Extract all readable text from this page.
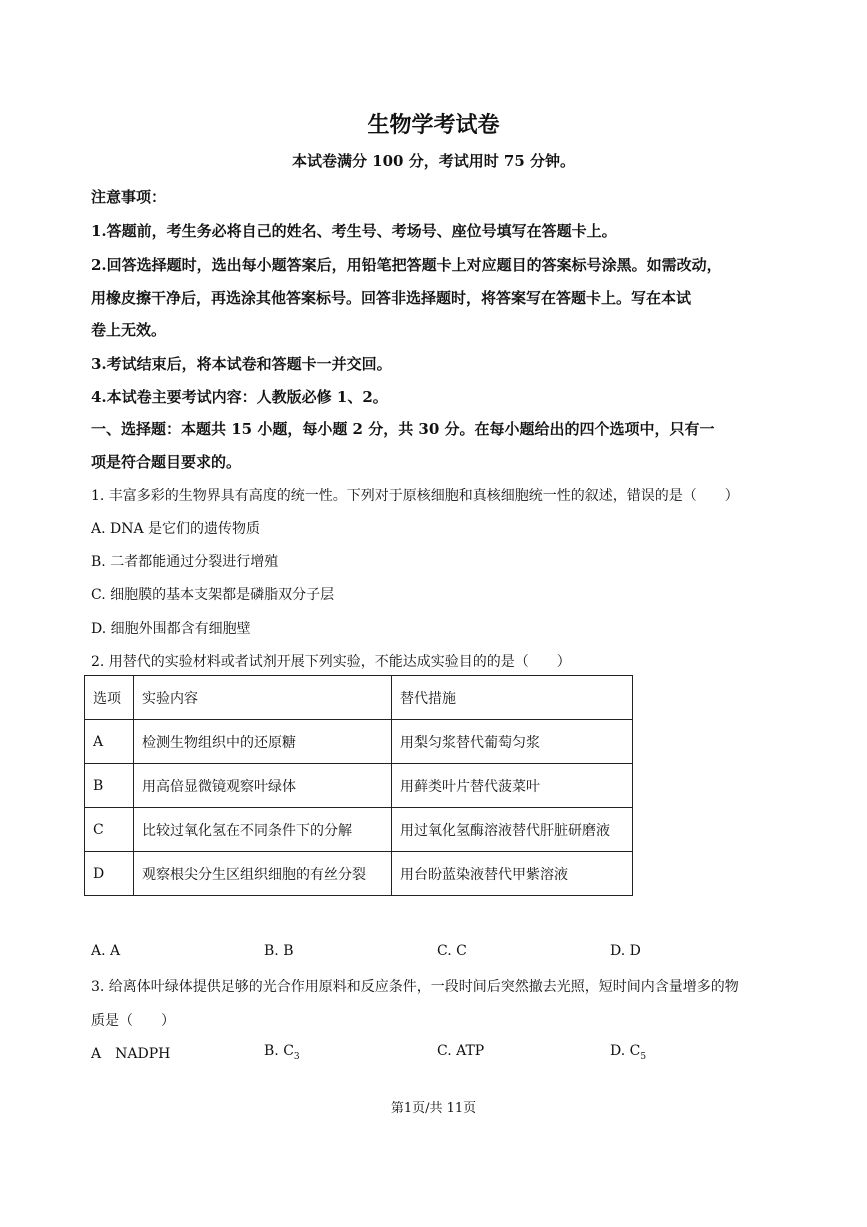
生物学考试卷
本试卷满分 100 分，考试用时 75 分钟。
注意事项：
1.答题前，考生务必将自己的姓名、考生号、考场号、座位号填写在答题卡上。
2.回答选择题时，选出每小题答案后，用铅笔把答题卡上对应题目的答案标号涂黑。如需改动，
用橡皮擦干净后，再选涂其他答案标号。回答非选择题时，将答案写在答题卡上。写在本试
卷上无效。
3.考试结束后，将本试卷和答题卡一并交回。
4.本试卷主要考试内容：人教版必修 1、2。
一、选择题：本题共 15 小题，每小题 2 分，共 30 分。在每小题给出的四个选项中，只有一
项是符合题目要求的。
1. 丰富多彩的生物界具有高度的统一性。下列对于原核细胞和真核细胞统一性的叙述，错误的是（　　）
A. DNA 是它们的遗传物质
B. 二者都能通过分裂进行增殖
C. 细胞膜的基本支架都是磷脂双分子层
D. 细胞外围都含有细胞壁
2. 用替代的实验材料或者试剂开展下列实验，不能达成实验目的的是（　　）
选项	实验内容	替代措施
A	检测生物组织中的还原糖	用梨匀浆替代葡萄匀浆
B	用高倍显微镜观察叶绿体	用藓类叶片替代菠菜叶
C	比较过氧化氢在不同条件下的分解	用过氧化氢酶溶液替代肝脏研磨液
D	观察根尖分生区组织细胞的有丝分裂	用台盼蓝染液替代甲紫溶液
A. A	B. B	C. C	D. D
3. 给离体叶绿体提供足够的光合作用原料和反应条件，一段时间后突然撤去光照，短时间内含量增多的物
质是（　　）
A　NADPH	B. $C_3$	C. ATP	D. $C_5$
第1页/共 11页
